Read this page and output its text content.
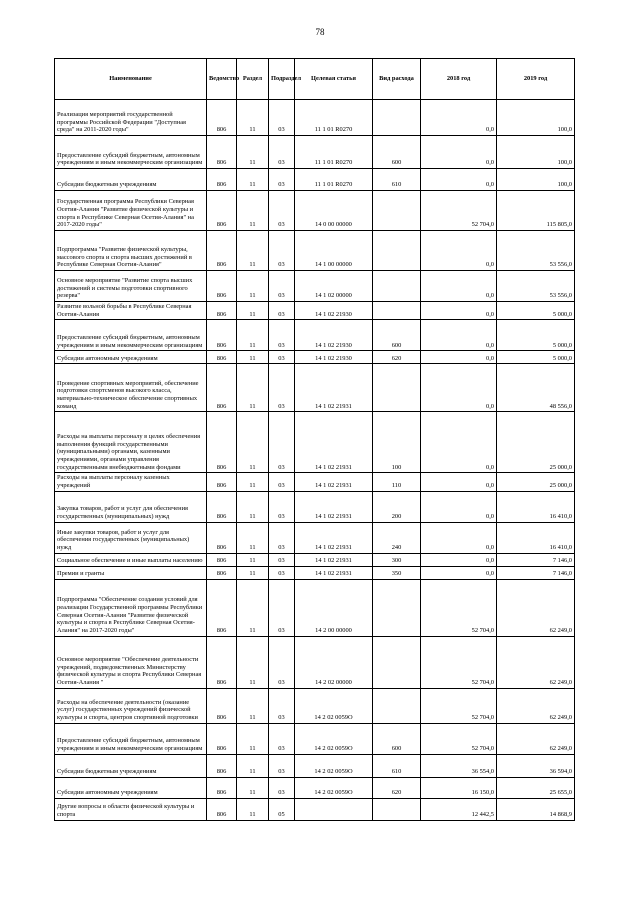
78
Наименование	Ведомство	Раздел	Подраздел	Целевая статья	Вид расхода	2018 год	2019 год
Реализация мероприятий государственной программы Российской Федерации "Доступная среда" на 2011-2020 годы"	806	11	03	11 1 01 R0270		0,0	100,0
Предоставление субсидий бюджетным, автономным учреждениям и иным некоммерческим организациям	806	11	03	11 1 01 R0270	600	0,0	100,0
Субсидии бюджетным учреждениям	806	11	03	11 1 01 R0270	610	0,0	100,0
Государственная программа Республики Северная Осетия-Алания "Развитие физической культуры и спорта в Республике Северная Осетия-Алания" на 2017-2020 годы"	806	11	03	14 0 00 00000		52 704,0	115 805,0
Подпрограмма "Развитие физической культуры, массового спорта и спорта высших достижений в Республике Северная Осетия-Алания"	806	11	03	14 1 00 00000		0,0	53 556,0
Основное мероприятие "Развитие спорта высших достижений и системы подготовки спортивного резерва"	806	11	03	14 1 02 00000		0,0	53 556,0
Развитие вольной борьбы в Республике Северная Осетия-Алания	806	11	03	14 1 02 21930		0,0	5 000,0
Предоставление субсидий бюджетным, автономным учреждениям и иным некоммерческим организациям	806	11	03	14 1 02 21930	600	0,0	5 000,0
Субсидии автономным учреждениям	806	11	03	14 1 02 21930	620	0,0	5 000,0
Проведение спортивных мероприятий, обеспечение подготовки спортсменов высокого класса, материально-техническое обеспечение спортивных команд	806	11	03	14 1 02 21931		0,0	48 556,0
Расходы на выплаты персоналу в целях обеспечения выполнения функций государственными (муниципальными) органами, казенными учреждениями, органами управления государственными внебюджетными фондами	806	11	03	14 1 02 21931	100	0,0	25 000,0
Расходы на выплаты персоналу казенных учреждений	806	11	03	14 1 02 21931	110	0,0	25 000,0
Закупка товаров, работ и услуг для обеспечения государственных (муниципальных) нужд	806	11	03	14 1 02 21931	200	0,0	16 410,0
Иные закупки товаров, работ и услуг для обеспечения государственных (муниципальных) нужд	806	11	03	14 1 02 21931	240	0,0	16 410,0
Социальное обеспечение и иные выплаты населению	806	11	03	14 1 02 21931	300	0,0	7 146,0
Премии и гранты	806	11	03	14 1 02 21931	350	0,0	7 146,0
Подпрограмма "Обеспечение создания условий для реализации Государственной программы Республики Северная Осетия-Алания "Развитие физической культуры и спорта в Республике Северная Осетия-Алания" на 2017-2020 годы"	806	11	03	14 2 00 00000		52 704,0	62 249,0
Основное мероприятие "Обеспечение деятельности учреждений, подведомственных Министерству физической культуры и спорта Республики Северная Осетия-Алания "	806	11	03	14 2 02 00000		52 704,0	62 249,0
Расходы на обеспечение деятельности (оказание услуг) государственных учреждений физической культуры и спорта, центров спортивной подготовки	806	11	03	14 2 02 0059О		52 704,0	62 249,0
Предоставление субсидий бюджетным, автономным учреждениям и иным некоммерческим организациям	806	11	03	14 2 02 0059О	600	52 704,0	62 249,0
Субсидии бюджетным учреждениям	806	11	03	14 2 02 0059О	610	36 554,0	36 594,0
Субсидии автономным учреждениям	806	11	03	14 2 02 0059О	620	16 150,0	25 655,0
Другие вопросы в области физической культуры и спорта	806	11	05			12 442,5	14 868,9
